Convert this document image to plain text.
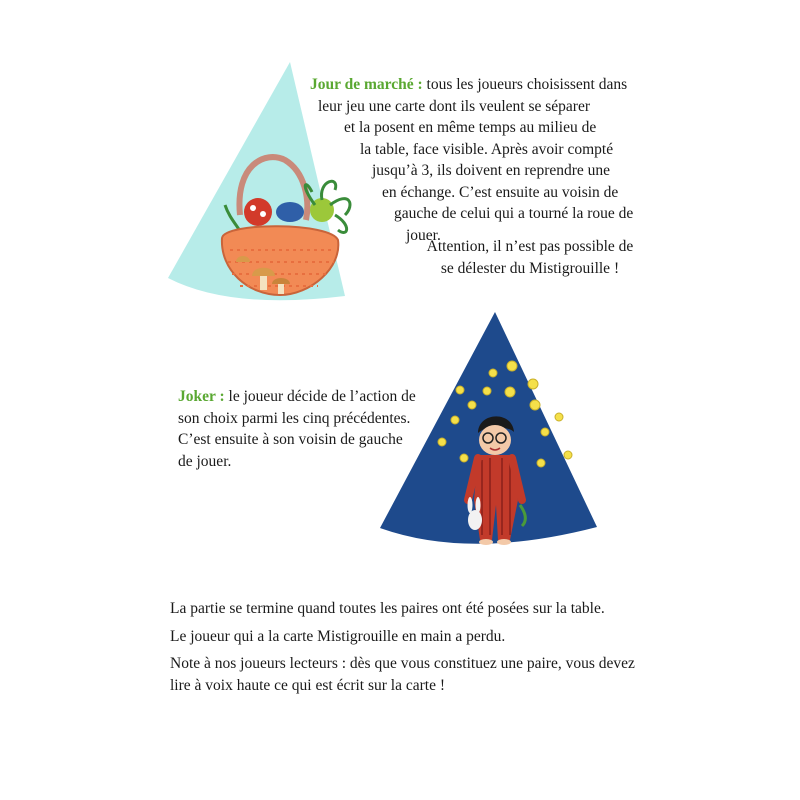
Jour de marché : tous les joueurs choisissent dans
leur jeu une carte dont ils veulent se séparer
et la posent en même temps au milieu de
la table, face visible. Après avoir compté
jusqu’à 3, ils doivent en reprendre une
en échange. C’est ensuite au voisin de
gauche de celui qui a tourné la roue de
jouer.
Attention, il n’est pas possible de
se délester du Mistigrouille !
Joker : le joueur décide de l’action de
son choix parmi les cinq précédentes.
C’est ensuite à son voisin de gauche
de jouer.

La partie se termine quand toutes les paires ont été posées sur la table.

Le joueur qui a la carte Mistigrouille en main a perdu.

Note à nos joueurs lecteurs : dès que vous constituez une paire, vous devez
lire à voix haute ce qui est écrit sur la carte !
